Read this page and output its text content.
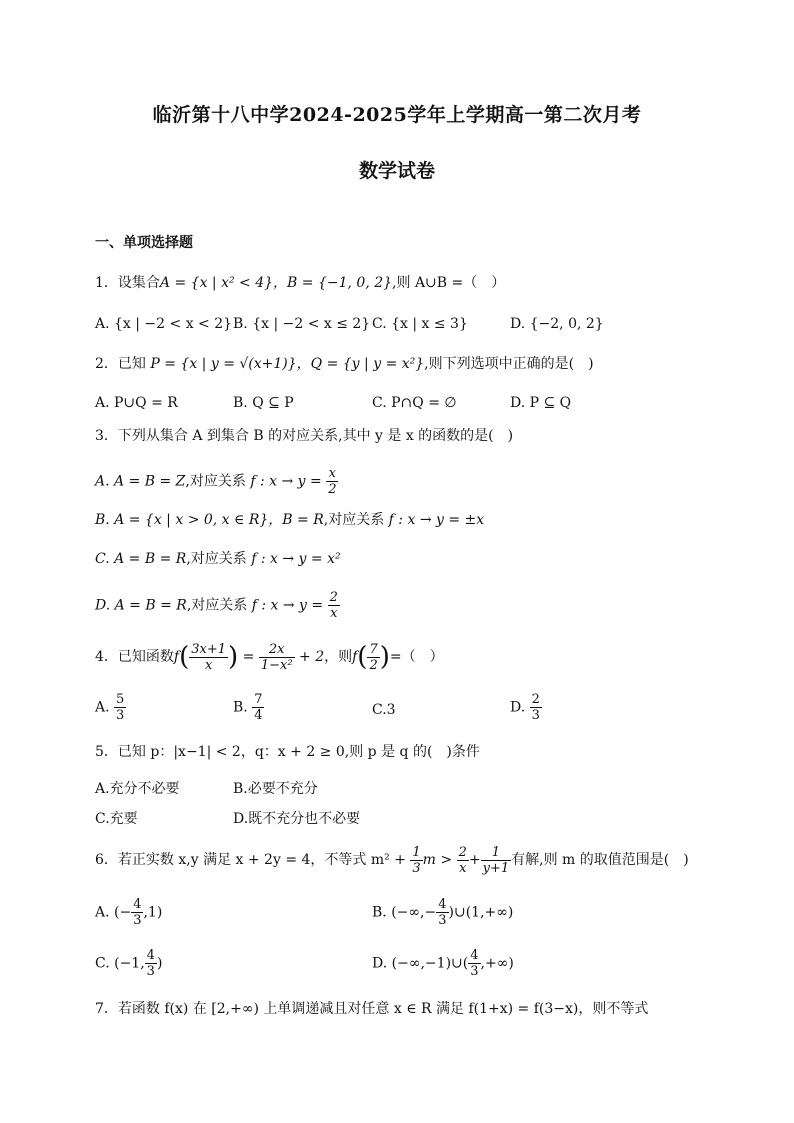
临沂第十八中学2024-2025学年上学期高一第二次月考
数学试卷
一、单项选择题
1．设集合A = {x | x² < 4}，B = {−1, 0, 2},则 A∪B =（　）
A. {x | −2 < x < 2} B. {x | −2 < x ≤ 2} C. {x | x ≤ 3}	D. {−2, 0, 2}
2．已知 P = {x | y = √(x+1)}，Q = {y | y = x²},则下列选项中正确的是(　)
A. P∪Q = R	B. Q ⊆ P	C. P∩Q = ∅	D. P ⊆ Q
3．下列从集合 A 到集合 B 的对应关系,其中 y 是 x 的函数的是(　)
A. A = B = Z,对应关系 f : $x \to y = \frac{x}{2}$
B. A = {x | x > 0, x ∈ R}，B = R,对应关系 f : x → y = ±x
C. A = B = R,对应关系 f : x → y = x²
D. A = B = R,对应关系 f : $x \to y = \frac{2}{x}$
4．已知函数$f( \frac{3x+1}{x}$ ) = $\frac{2x}{\text{1−x²}} + 2$，则$f( \frac{7}{2}$ )=（　）
A. $\frac{5}{3}$	B. $\frac{7}{4}$	C.3	D. $\frac{2}{3}$
5．已知 p：|x−1| < 2，q：x + 2 ≥ 0,则 p 是 q 的(　)条件
A.充分不必要	B.必要不充分
C.充要	D.既不充分也不必要
6．若正实数 x,y 满足 x + 2y = 4，不等式 $m^2 + \frac{1}{3}$ $m > \frac{2}{x} + \frac{1}{y+1}$ 有解,则 m 的取值范围是(　)
A. (− $\frac{4}{3} ,1$)	B. (−∞,− $\frac{4}{3}$ )∪(1,+∞)
C. (−1, $\frac{4}{3}$ )	D. (−∞,−1)∪( $\frac{4}{3}$ ,+∞)
7．若函数 f(x) 在 [2,+∞) 上单调递减且对任意 x ∈ R 满足 f(1+x) = f(3−x)，则不等式
